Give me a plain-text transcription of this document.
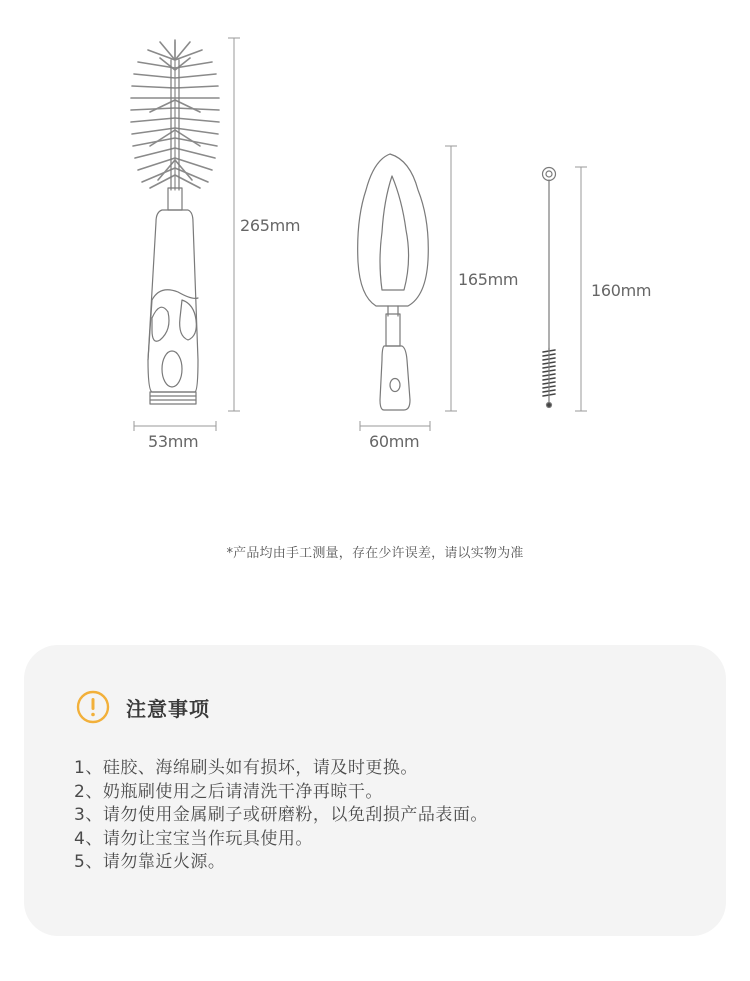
265mm
53mm
165mm
60mm
160mm
*产品均由手工测量，存在少许误差，请以实物为准
注意事项
1、硅胶、海绵刷头如有损坏，请及时更换。
2、奶瓶刷使用之后请清洗干净再晾干。
3、请勿使用金属刷子或研磨粉，以免刮损产品表面。
4、请勿让宝宝当作玩具使用。
5、请勿靠近火源。
